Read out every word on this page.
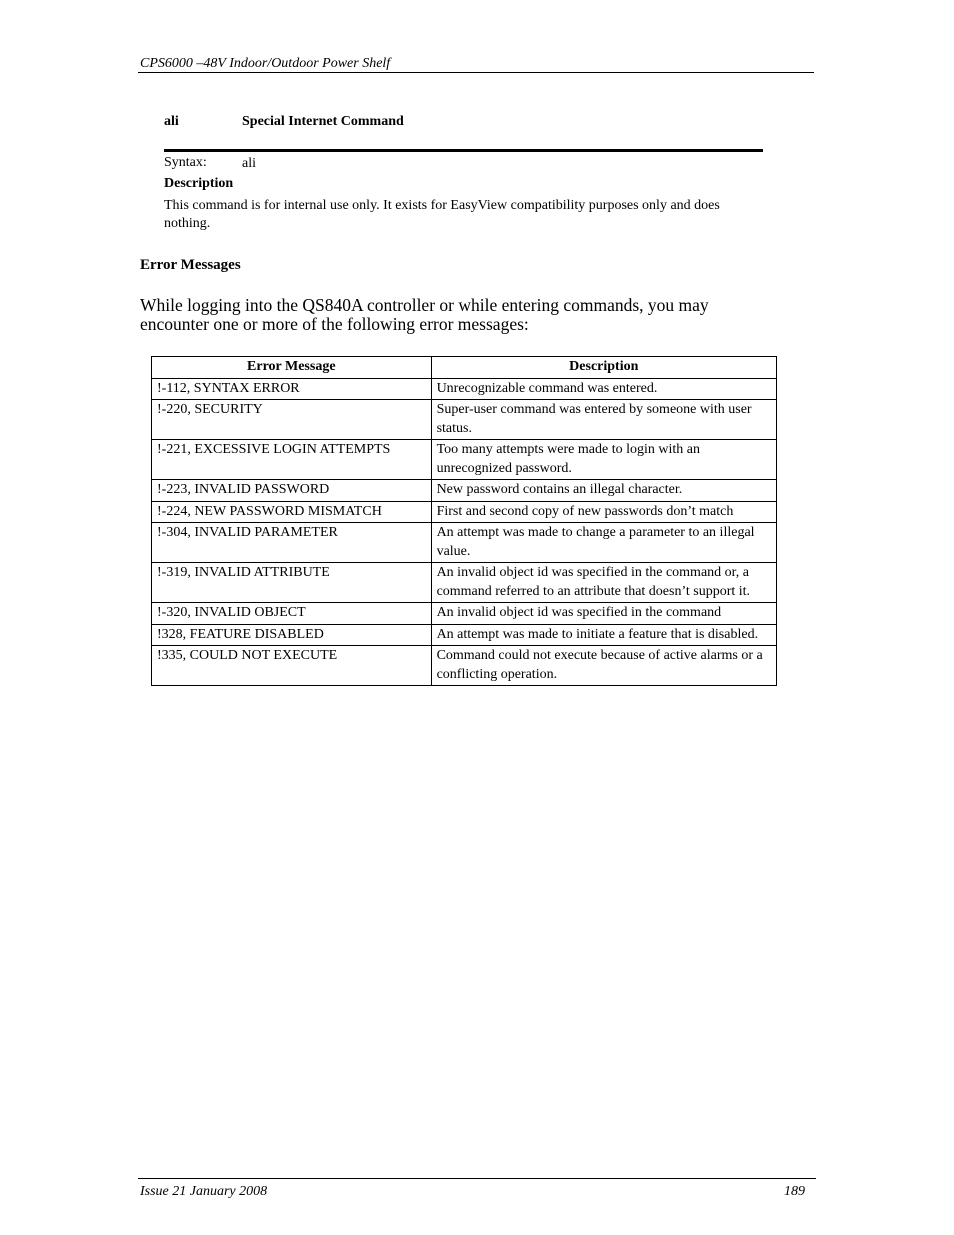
CPS6000 –48V Indoor/Outdoor Power Shelf
ali	Special Internet Command
Syntax:	ali
Description
This command is for internal use only. It exists for EasyView compatibility purposes only and does nothing.
Error Messages
While logging into the QS840A controller or while entering commands, you may encounter one or more of the following error messages:
Error Message	Description
!-112, SYNTAX ERROR	Unrecognizable command was entered.
!-220, SECURITY	Super-user command was entered by someone with user status.
!-221, EXCESSIVE LOGIN ATTEMPTS	Too many attempts were made to login with an unrecognized password.
!-223, INVALID PASSWORD	New password contains an illegal character.
!-224, NEW PASSWORD MISMATCH	First and second copy of new passwords don’t match
!-304, INVALID PARAMETER	An attempt was made to change a parameter to an illegal value.
!-319, INVALID ATTRIBUTE	An invalid object id was specified in the command or, a command referred to an attribute that doesn’t support it.
!-320, INVALID OBJECT	An invalid object id was specified in the command
!328, FEATURE DISABLED	An attempt was made to initiate a feature that is disabled.
!335, COULD NOT EXECUTE	Command could not execute because of active alarms or a conflicting operation.
Issue 21 January 2008	189
